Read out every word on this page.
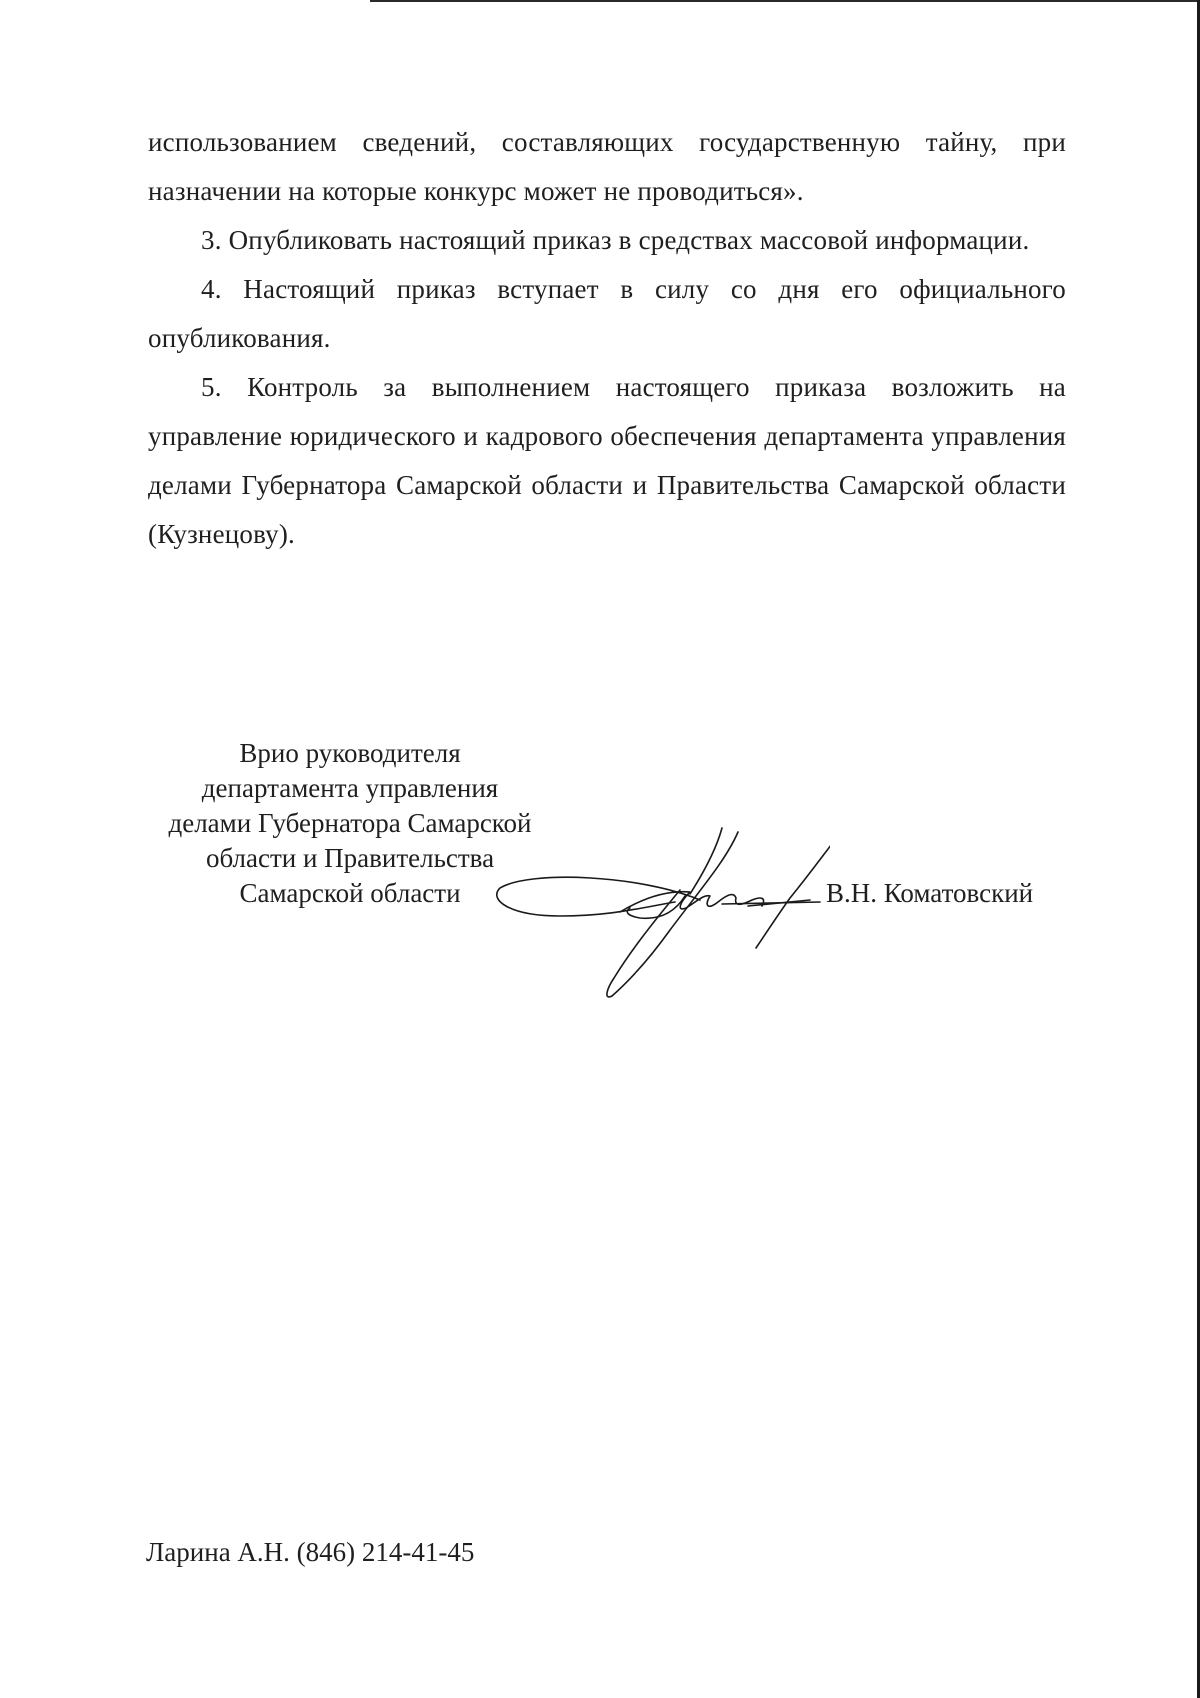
использованием сведений, составляющих государственную тайну, при назначении на которые конкурс может не проводиться».

3. Опубликовать настоящий приказ в средствах массовой информации.

4. Настоящий приказ вступает в силу со дня его официального опубликования.

5. Контроль за выполнением настоящего приказа возложить на управление юридического и кадрового обеспечения департамента управления делами Губернатора Самарской области и Правительства Самарской области (Кузнецову).

Врио руководителя
департамента управления
делами Губернатора Самарской
области и Правительства
Самарской области	В.Н. Коматовский
Ларина А.Н. (846) 214-41-45
